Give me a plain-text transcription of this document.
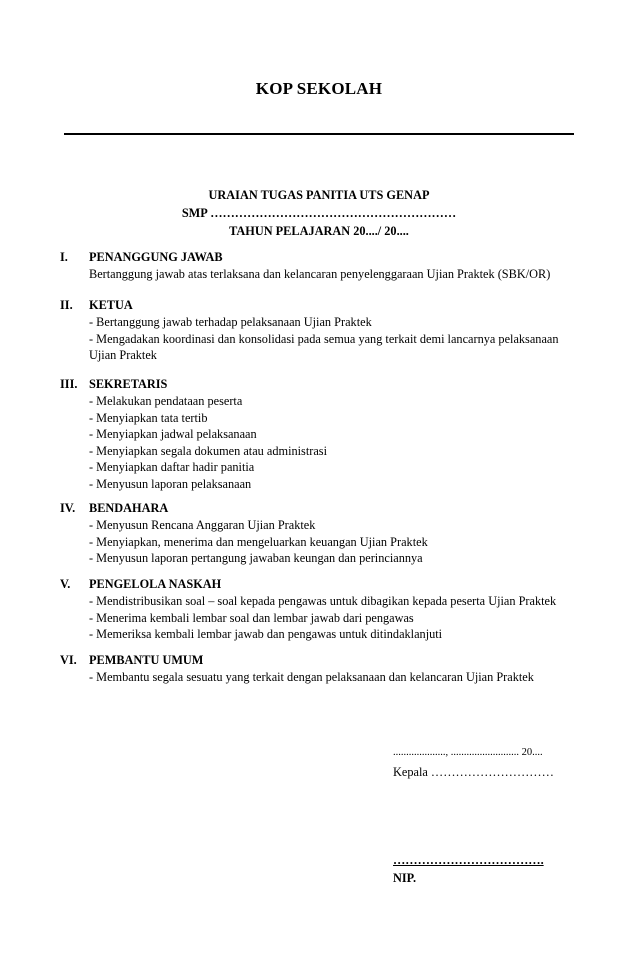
KOP SEKOLAH
URAIAN TUGAS PANITIA UTS GENAP
SMP ……………………………………………………
TAHUN PELAJARAN 20..../ 20....
I. PENANGGUNG JAWAB
Bertanggung jawab atas terlaksana dan kelancaran penyelenggaraan Ujian Praktek (SBK/OR)
II. KETUA
- Bertanggung jawab terhadap pelaksanaan Ujian Praktek
- Mengadakan koordinasi dan konsolidasi pada semua yang terkait demi lancarnya pelaksanaan
Ujian Praktek
III. SEKRETARIS
- Melakukan pendataan peserta
- Menyiapkan tata tertib
- Menyiapkan jadwal pelaksanaan
- Menyiapkan segala dokumen atau administrasi
- Menyiapkan daftar hadir panitia
- Menyusun laporan pelaksanaan
IV. BENDAHARA
- Menyusun Rencana Anggaran Ujian Praktek
- Menyiapkan, menerima dan mengeluarkan keuangan Ujian Praktek
- Menyusun laporan pertangung jawaban keungan dan perinciannya
V. PENGELOLA NASKAH
- Mendistribusikan soal – soal kepada pengawas untuk dibagikan kepada peserta Ujian Praktek
- Menerima kembali lembar soal dan lembar jawab dari pengawas
- Memeriksa kembali lembar jawab dan pengawas untuk ditindaklanjuti
VI. PEMBANTU UMUM
- Membantu segala sesuatu yang terkait dengan pelaksanaan dan kelancaran Ujian Praktek
...................., .......................... 20....
Kepala …………………………
……………………………….
NIP.
